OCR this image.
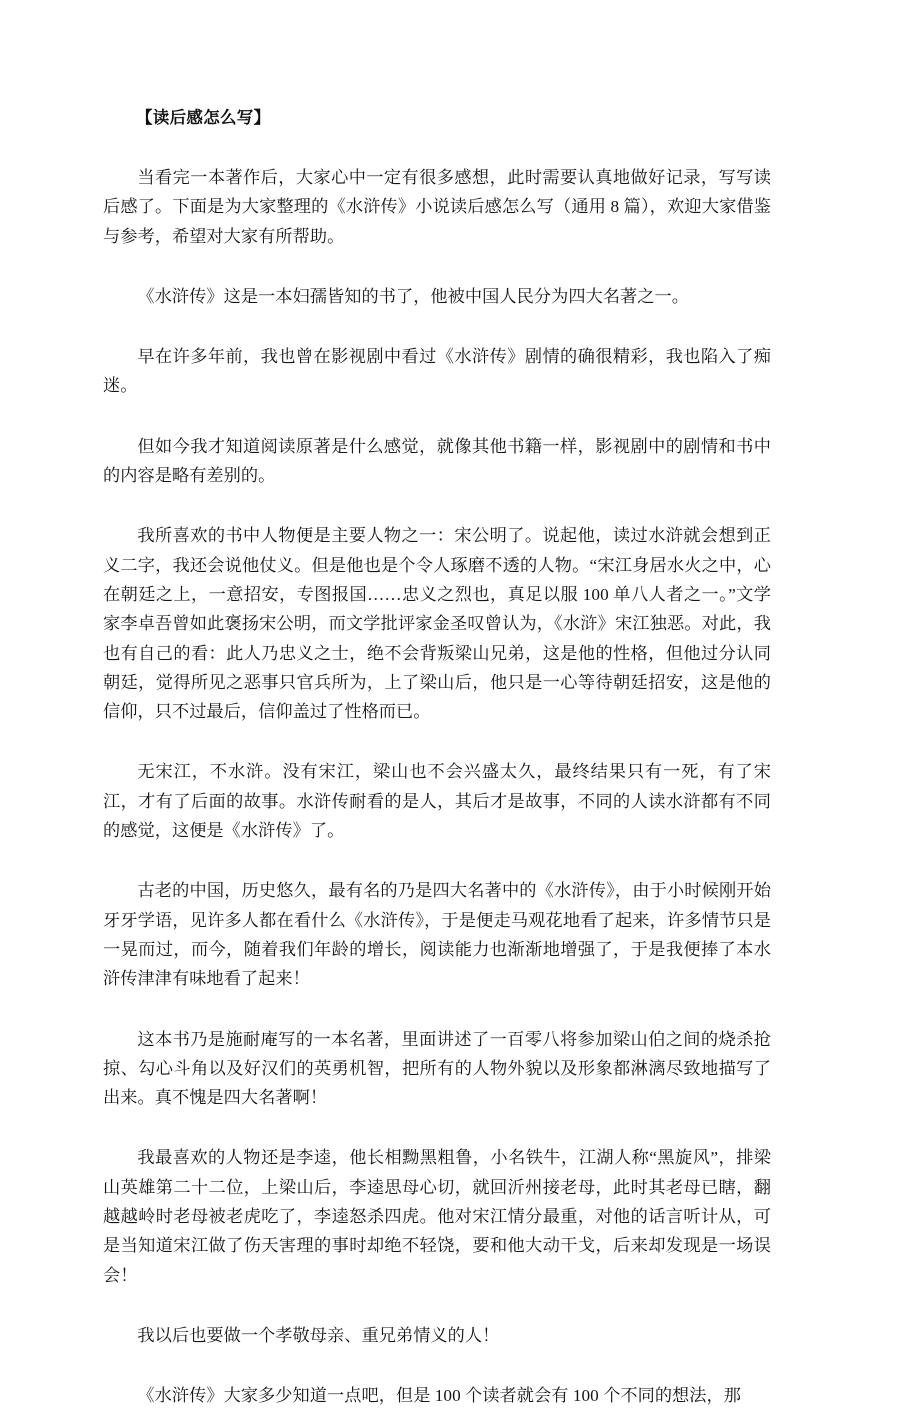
【读后感怎么写】

当看完一本著作后，大家心中一定有很多感想，此时需要认真地做好记录，写写读后感了。下面是为大家整理的《水浒传》小说读后感怎么写（通用 8 篇），欢迎大家借鉴与参考，希望对大家有所帮助。

《水浒传》这是一本妇孺皆知的书了，他被中国人民分为四大名著之一。

早在许多年前，我也曾在影视剧中看过《水浒传》剧情的确很精彩，我也陷入了痴迷。

但如今我才知道阅读原著是什么感觉，就像其他书籍一样，影视剧中的剧情和书中的内容是略有差别的。

我所喜欢的书中人物便是主要人物之一：宋公明了。说起他，读过水浒就会想到正义二字，我还会说他仗义。但是他也是个令人琢磨不透的人物。“宋江身居水火之中，心在朝廷之上，一意招安，专图报国……忠义之烈也，真足以服 100 单八人者之一。”文学家李卓吾曾如此褒扬宋公明，而文学批评家金圣叹曾认为，《水浒》宋江独恶。对此，我也有自己的看：此人乃忠义之士，绝不会背叛梁山兄弟，这是他的性格，但他过分认同朝廷，觉得所见之恶事只官兵所为，上了梁山后，他只是一心等待朝廷招安，这是他的信仰，只不过最后，信仰盖过了性格而已。

无宋江，不水浒。没有宋江，梁山也不会兴盛太久，最终结果只有一死，有了宋江，才有了后面的故事。水浒传耐看的是人，其后才是故事，不同的人读水浒都有不同的感觉，这便是《水浒传》了。

古老的中国，历史悠久，最有名的乃是四大名著中的《水浒传》，由于小时候刚开始牙牙学语，见许多人都在看什么《水浒传》，于是便走马观花地看了起来，许多情节只是一晃而过，而今，随着我们年龄的增长，阅读能力也渐渐地增强了，于是我便捧了本水浒传津津有味地看了起来！

这本书乃是施耐庵写的一本名著，里面讲述了一百零八将参加梁山伯之间的烧杀抢掠、勾心斗角以及好汉们的英勇机智，把所有的人物外貌以及形象都淋漓尽致地描写了出来。真不愧是四大名著啊！

我最喜欢的人物还是李逵，他长相黝黑粗鲁，小名铁牛，江湖人称“黑旋风”，排梁山英雄第二十二位，上梁山后，李逵思母心切，就回沂州接老母，此时其老母已瞎，翻越越岭时老母被老虎吃了，李逵怒杀四虎。他对宋江情分最重，对他的话言听计从，可是当知道宋江做了伤天害理的事时却绝不轻饶，要和他大动干戈，后来却发现是一场误会！

我以后也要做一个孝敬母亲、重兄弟情义的人！

《水浒传》大家多少知道一点吧，但是 100 个读者就会有 100 个不同的想法，那
